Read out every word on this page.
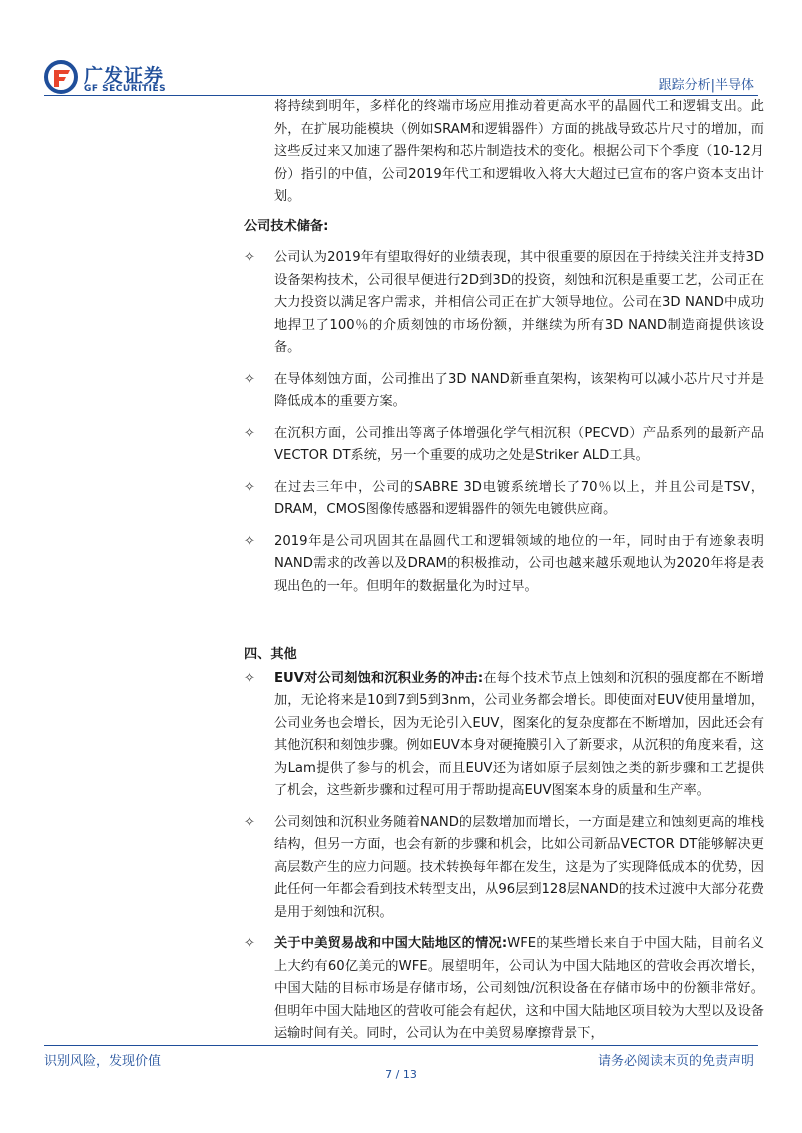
广发证券
GF SECURITIES	跟踪分析|半导体

将持续到明年，多样化的终端市场应用推动着更高水平的晶圆代工和逻辑支出。此外，在扩展功能模块（例如SRAM和逻辑器件）方面的挑战导致芯片尺寸的增加，而这些反过来又加速了器件架构和芯片制造技术的变化。根据公司下个季度（10-12月份）指引的中值，公司2019年代工和逻辑收入将大大超过已宣布的客户资本支出计划。

公司技术储备:

✧	公司认为2019年有望取得好的业绩表现，其中很重要的原因在于持续关注并支持3D设备架构技术，公司很早便进行2D到3D的投资，刻蚀和沉积是重要工艺，公司正在大力投资以满足客户需求，并相信公司正在扩大领导地位。公司在3D NAND中成功地捍卫了100％的介质刻蚀的市场份额，并继续为所有3D NAND制造商提供该设备。

✧	在导体刻蚀方面，公司推出了3D NAND新垂直架构，该架构可以减小芯片尺寸并是降低成本的重要方案。

✧	在沉积方面，公司推出等离子体增强化学气相沉积（PECVD）产品系列的最新产品VECTOR DT系统，另一个重要的成功之处是Striker ALD工具。

✧	在过去三年中，公司的SABRE 3D电镀系统增长了70％以上，并且公司是TSV，DRAM，CMOS图像传感器和逻辑器件的领先电镀供应商。

✧	2019年是公司巩固其在晶圆代工和逻辑领域的地位的一年，同时由于有迹象表明NAND需求的改善以及DRAM的积极推动，公司也越来越乐观地认为2020年将是表现出色的一年。但明年的数据量化为时过早。

四、其他

✧	EUV对公司刻蚀和沉积业务的冲击:在每个技术节点上蚀刻和沉积的强度都在不断增加，无论将来是10到7到5到3nm，公司业务都会增长。即使面对EUV使用量增加，公司业务也会增长，因为无论引入EUV，图案化的复杂度都在不断增加，因此还会有其他沉积和刻蚀步骤。例如EUV本身对硬掩膜引入了新要求，从沉积的角度来看，这为Lam提供了参与的机会，而且EUV还为诸如原子层刻蚀之类的新步骤和工艺提供了机会，这些新步骤和过程可用于帮助提高EUV图案本身的质量和生产率。

✧	公司刻蚀和沉积业务随着NAND的层数增加而增长，一方面是建立和蚀刻更高的堆栈结构，但另一方面，也会有新的步骤和机会，比如公司新品VECTOR DT能够解决更高层数产生的应力问题。技术转换每年都在发生，这是为了实现降低成本的优势，因此任何一年都会看到技术转型支出，从96层到128层NAND的技术过渡中大部分花费是用于刻蚀和沉积。

✧	关于中美贸易战和中国大陆地区的情况:WFE的某些增长来自于中国大陆，目前名义上大约有60亿美元的WFE。展望明年，公司认为中国大陆地区的营收会再次增长，中国大陆的目标市场是存储市场，公司刻蚀/沉积设备在存储市场中的份额非常好。但明年中国大陆地区的营收可能会有起伏，这和中国大陆地区项目较为大型以及设备运输时间有关。同时，公司认为在中美贸易摩擦背景下，

识别风险，发现价值	请务必阅读末页的免责声明
7 / 13
